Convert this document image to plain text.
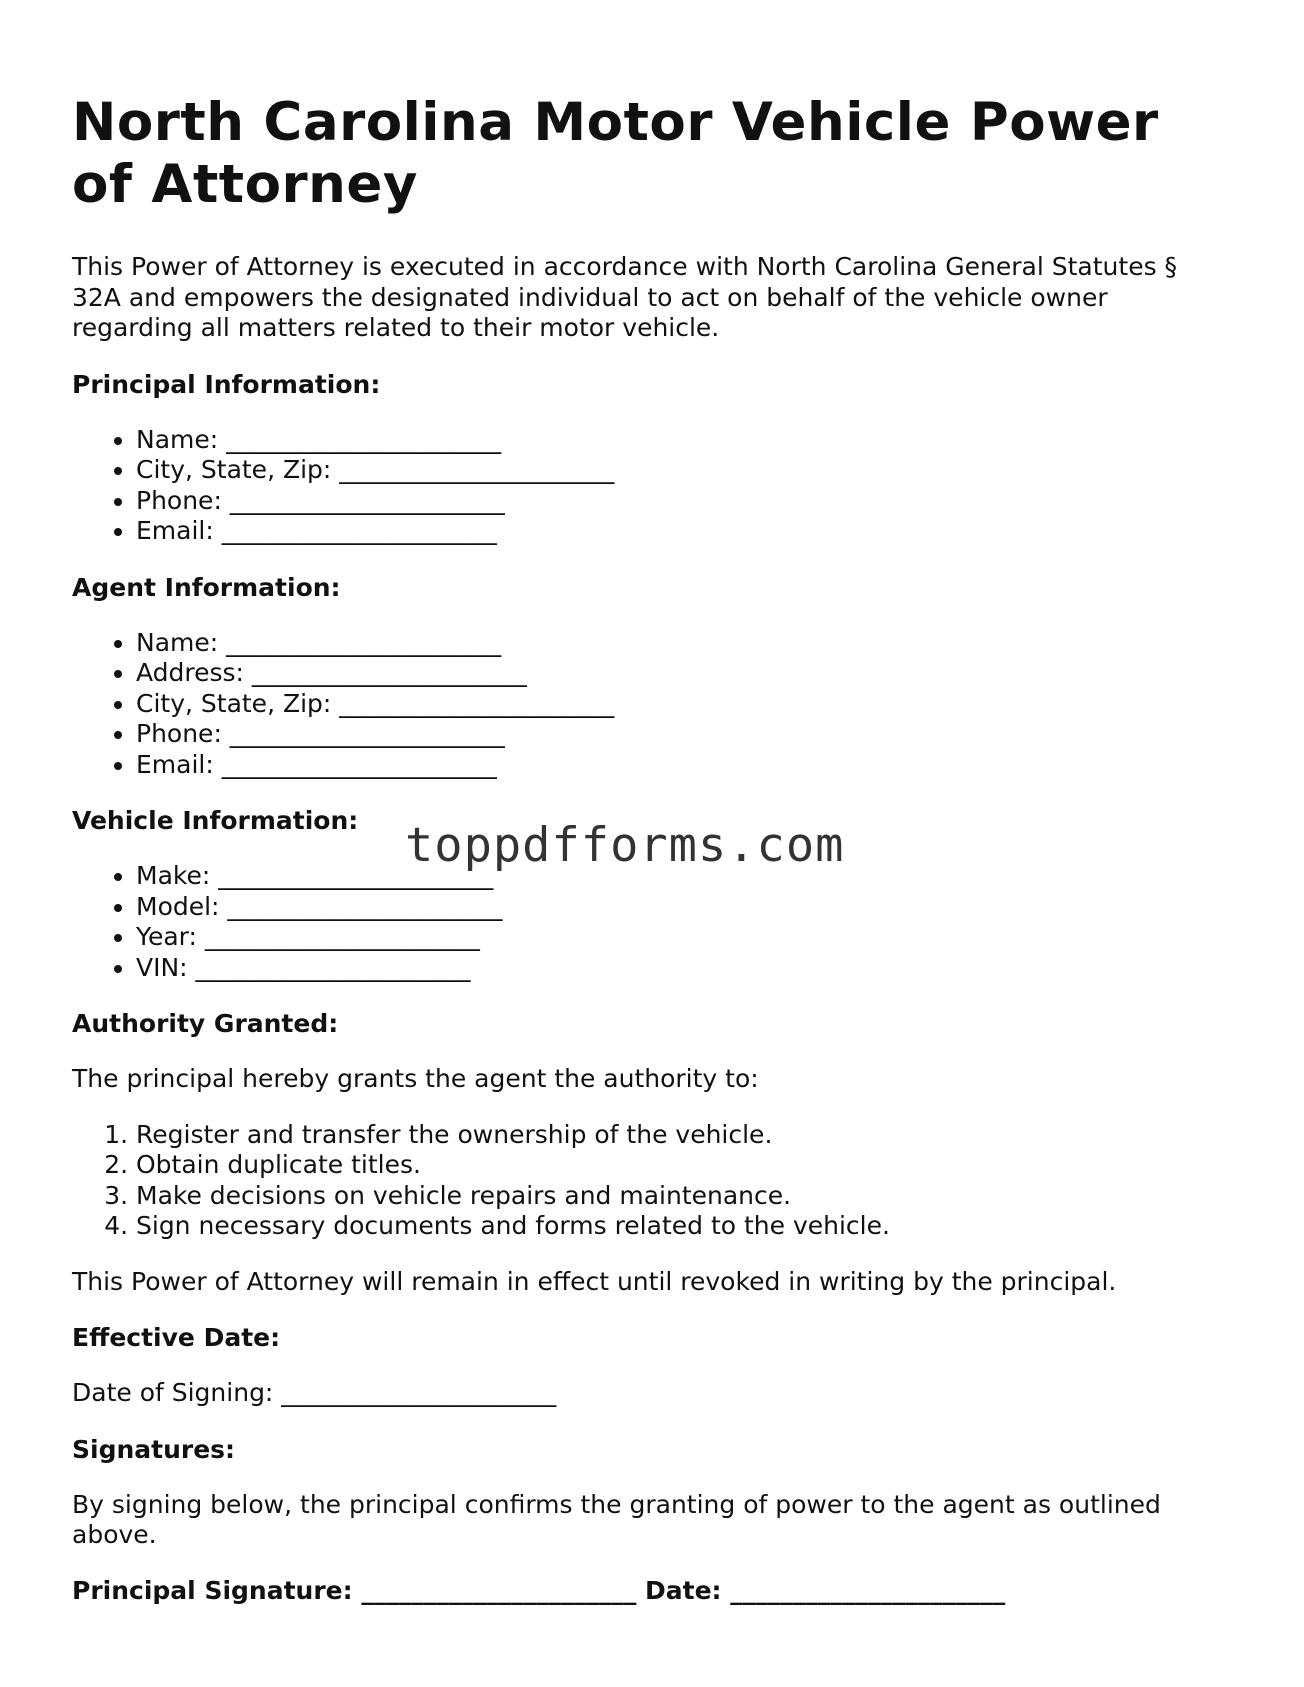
North Carolina Motor Vehicle Power of Attorney

This Power of Attorney is executed in accordance with North Carolina General Statutes § 32A and empowers the designated individual to act on behalf of the vehicle owner regarding all matters related to their motor vehicle.

Principal Information:
• Name: ______________________
• City, State, Zip: ______________________
• Phone: ______________________
• Email: ______________________
Agent Information:
• Name: ______________________
• Address: ______________________
• City, State, Zip: ______________________
• Phone: ______________________
• Email: ______________________
Vehicle Information:
• Make: ______________________
• Model: ______________________
• Year: ______________________
• VIN: ______________________
Authority Granted:

The principal hereby grants the agent the authority to:

1. Register and transfer the ownership of the vehicle.
2. Obtain duplicate titles.
3. Make decisions on vehicle repairs and maintenance.
4. Sign necessary documents and forms related to the vehicle.

This Power of Attorney will remain in effect until revoked in writing by the principal.

Effective Date:

Date of Signing: ______________________

Signatures:

By signing below, the principal confirms the granting of power to the agent as outlined above.

Principal Signature: ______________________ Date: ______________________
toppdfforms.com
